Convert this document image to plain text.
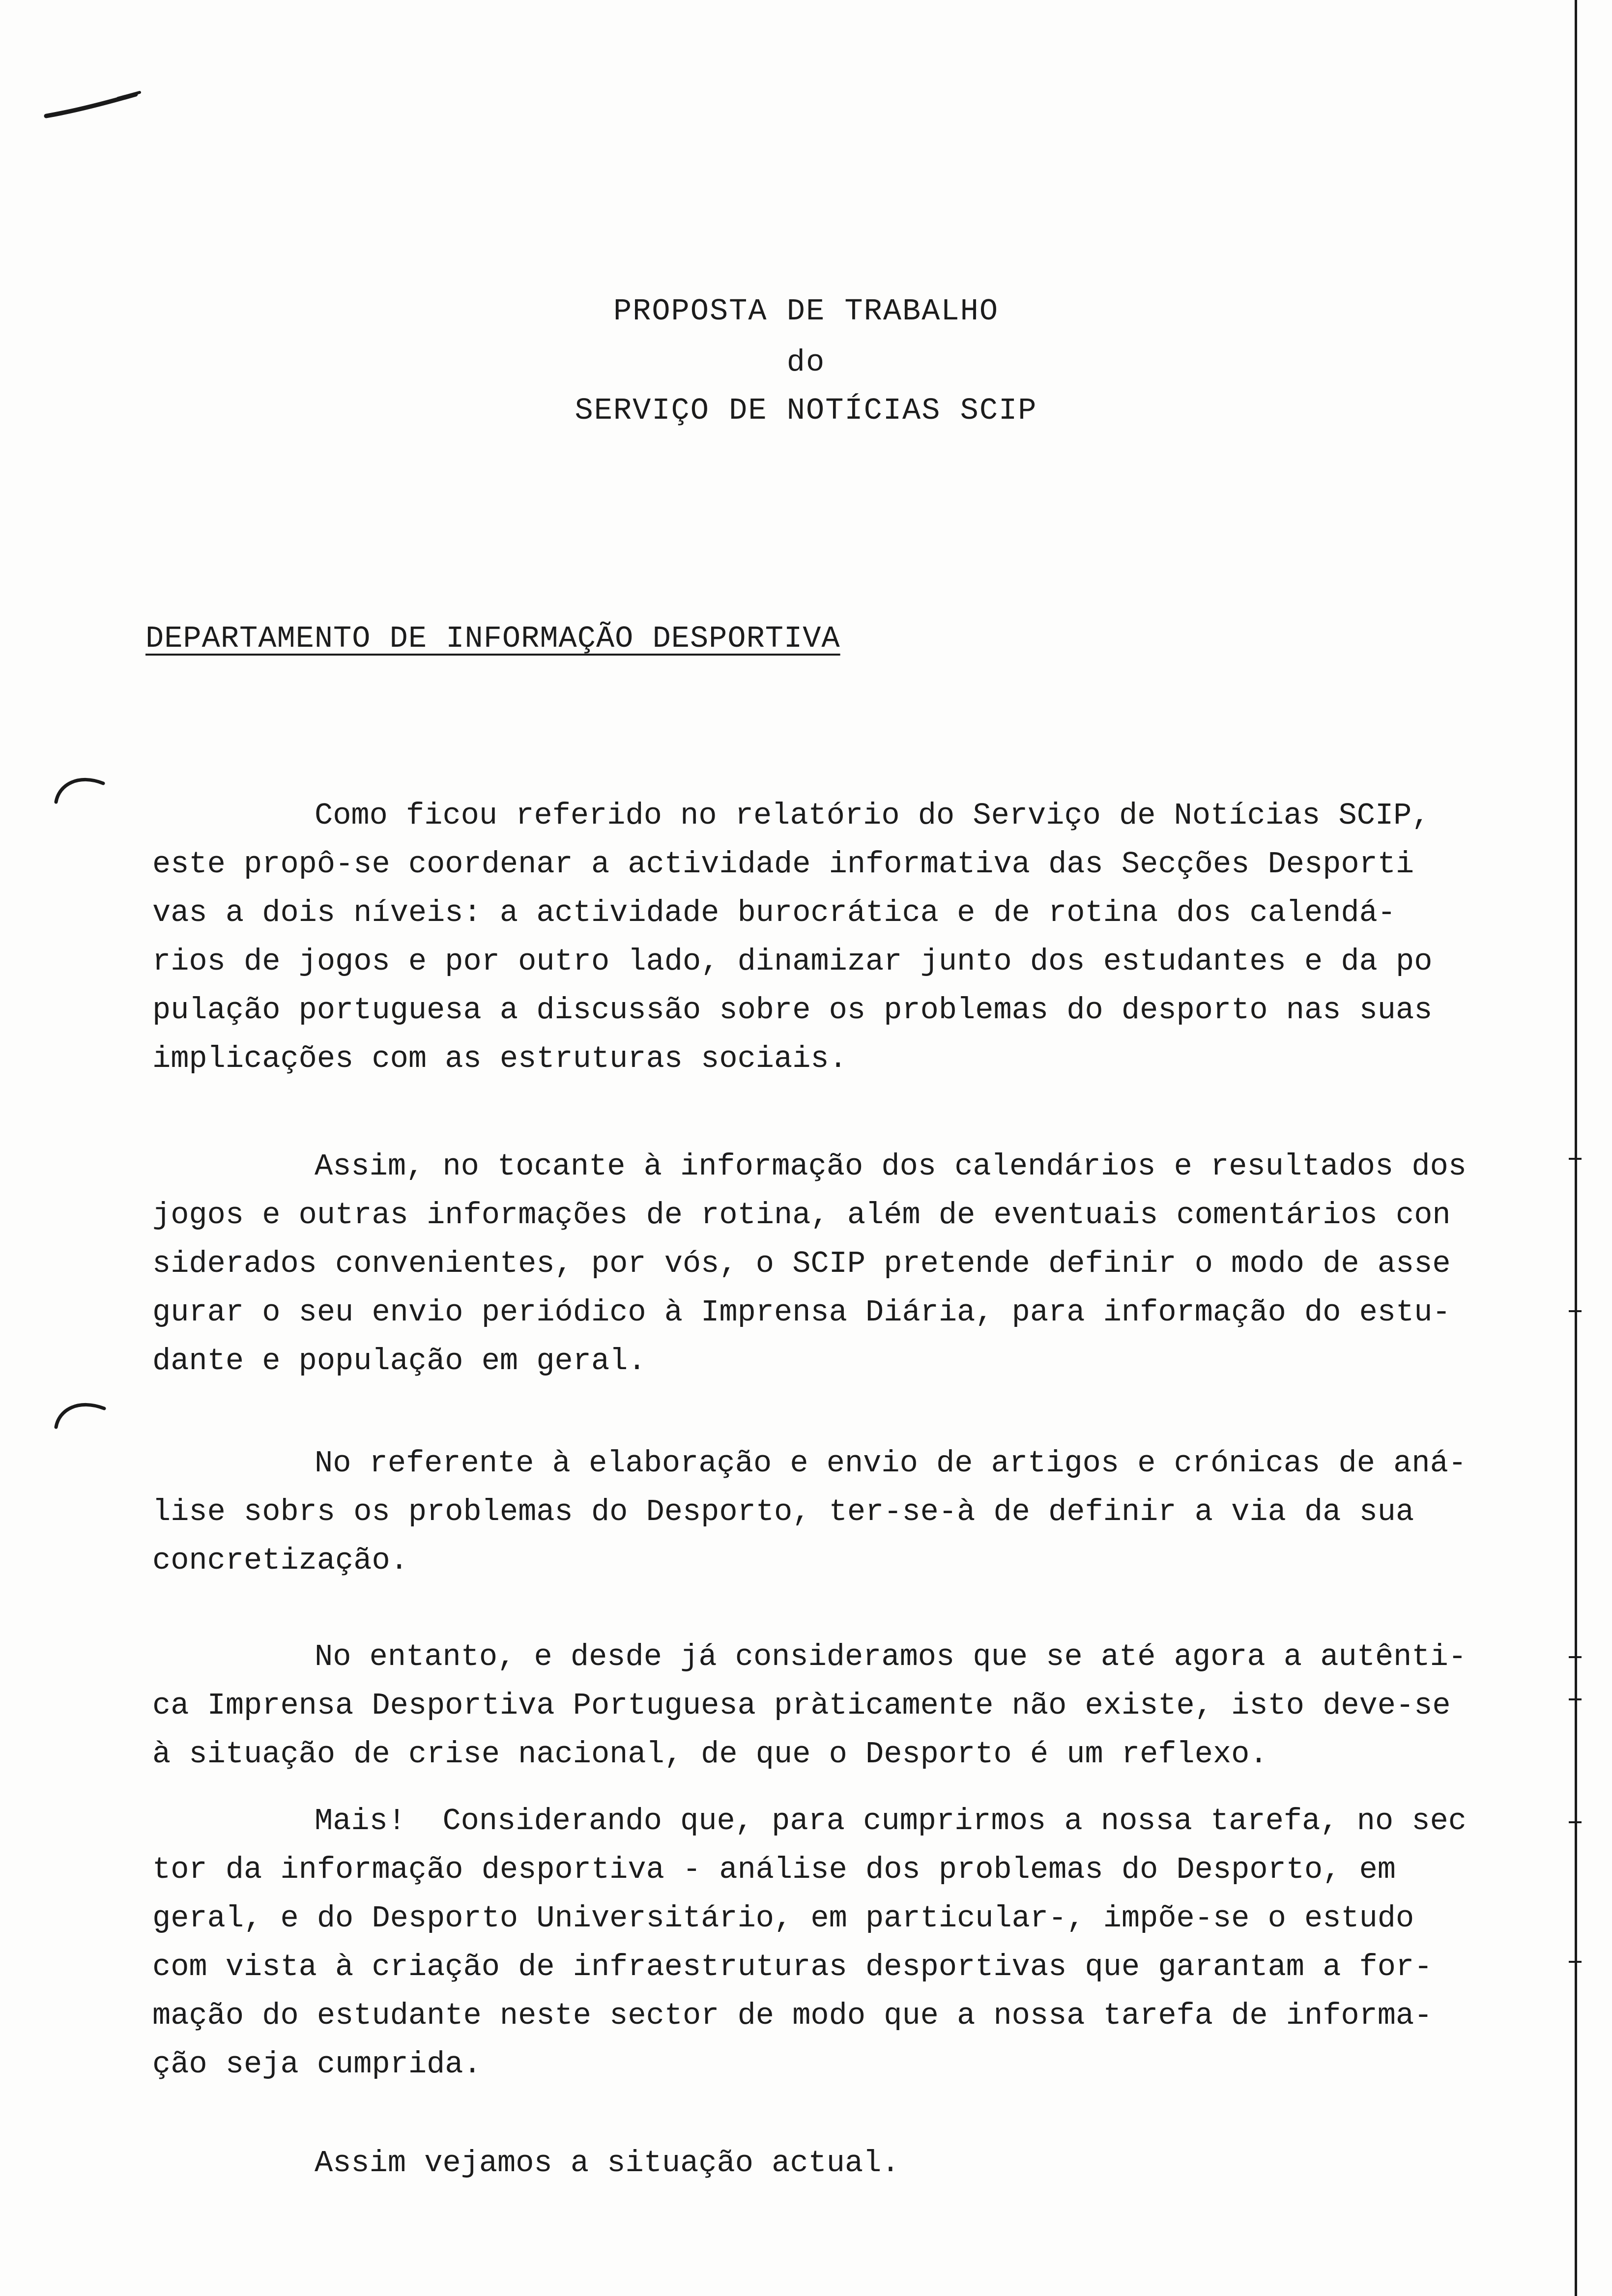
PROPOSTA DE TRABALHO
do
SERVIÇO DE NOTÍCIAS SCIP
DEPARTAMENTO DE INFORMAÇÃO DESPORTIVA
Como ficou referido no relatório do Serviço de Notícias SCIP,
este propô-se coordenar a actividade informativa das Secções Desporti
vas a dois níveis: a actividade burocrática e de rotina dos calendá-
rios de jogos e por outro lado, dinamizar junto dos estudantes e da po
pulação portuguesa a discussão sobre os problemas do desporto nas suas
implicações com as estruturas sociais.
Assim, no tocante à informação dos calendários e resultados dos
jogos e outras informações de rotina, além de eventuais comentários con
siderados convenientes, por vós, o SCIP pretende definir o modo de asse
gurar o seu envio periódico à Imprensa Diária, para informação do estu-
dante e população em geral.
No referente à elaboração e envio de artigos e crónicas de aná-
lise sobrs os problemas do Desporto, ter-se-à de definir a via da sua
concretização.
No entanto, e desde já consideramos que se até agora a autênti-
ca Imprensa Desportiva Portuguesa pràticamente não existe, isto deve-se
à situação de crise nacional, de que o Desporto é um reflexo.
Mais!  Considerando que, para cumprirmos a nossa tarefa, no sec
tor da informação desportiva - análise dos problemas do Desporto, em
geral, e do Desporto Universitário, em particular-, impõe-se o estudo
com vista à criação de infraestruturas desportivas que garantam a for-
mação do estudante neste sector de modo que a nossa tarefa de informa-
ção seja cumprida.
Assim vejamos a situação actual.
